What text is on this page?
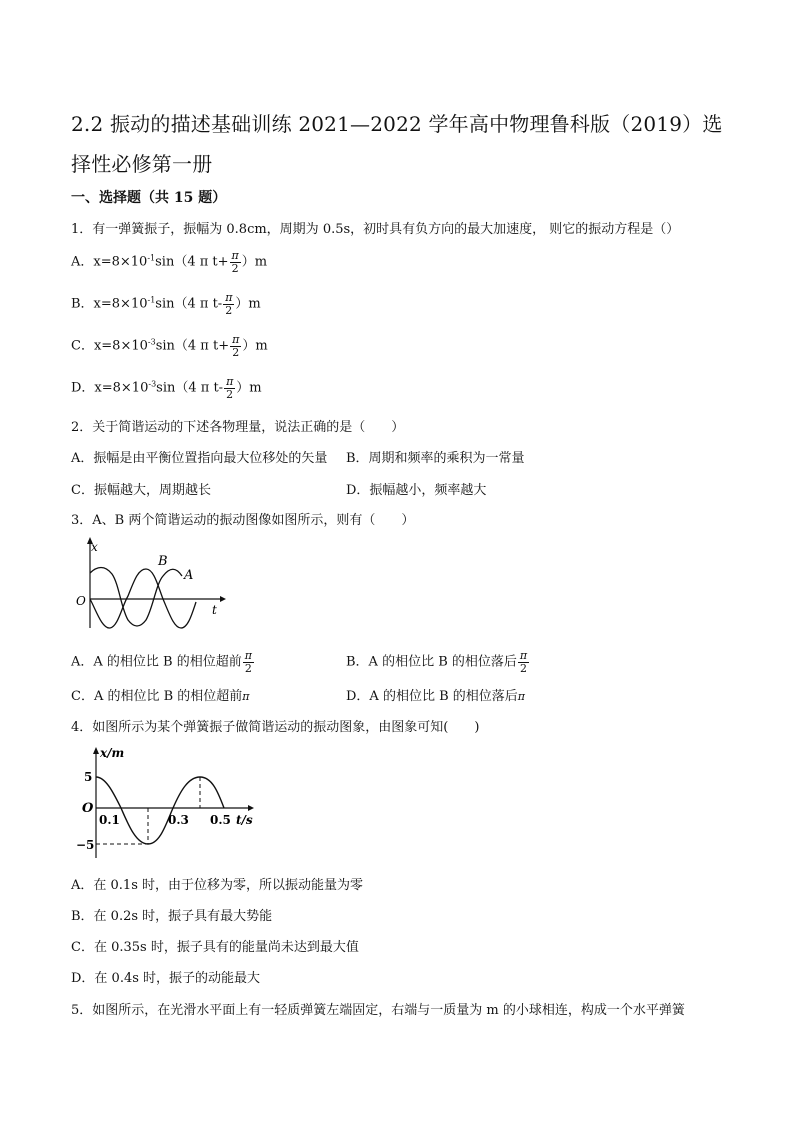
2.2 振动的描述基础训练 2021—2022 学年高中物理鲁科版（2019）选
择性必修第一册
一、选择题（共 15 题）
1．有一弹簧振子，振幅为 0.8cm，周期为 0.5s，初时具有负方向的最大加速度， 则它的振动方程是（）
A．$x=8\times 10^{-1}\sin(4$ π $t+ \frac{\pi}{2} )m$
B．$x=8\times 10^{-1}\sin(4$ π $t- \frac{\pi}{2} )m$
C．$x=8\times 10^{-3}\sin(4$ π $t+ \frac{\pi}{2} )m$
D．$x=8\times 10^{-3}\sin(4$ π $t- \frac{\pi}{2} )m$
2．关于简谐运动的下述各物理量，说法正确的是（　　）
A．振幅是由平衡位置指向最大位移处的矢量 B．周期和频率的乘积为一常量
C．振幅越大，周期越长	D．振幅越小，频率越大
3．A、B 两个简谐运动的振动图像如图所示，则有（　　）
x
t
O
B
A
A．A 的相位比 B 的相位超前 $\frac{\pi}{2}$	B．A 的相位比 B 的相位落后 $\frac{\pi}{2}$
C．A 的相位比 B 的相位超前π	D．A 的相位比 B 的相位落后π
4．如图所示为某个弹簧振子做简谐运动的振动图象，由图象可知(　　)
x/m
t/s
O
5
−5
0.1	0.3 0.5
A．在 0.1s 时，由于位移为零，所以振动能量为零
B．在 0.2s 时，振子具有最大势能
C．在 0.35s 时，振子具有的能量尚未达到最大值
D．在 0.4s 时，振子的动能最大
5．如图所示，在光滑水平面上有一轻质弹簧左端固定，右端与一质量为 m 的小球相连，构成一个水平弹簧
